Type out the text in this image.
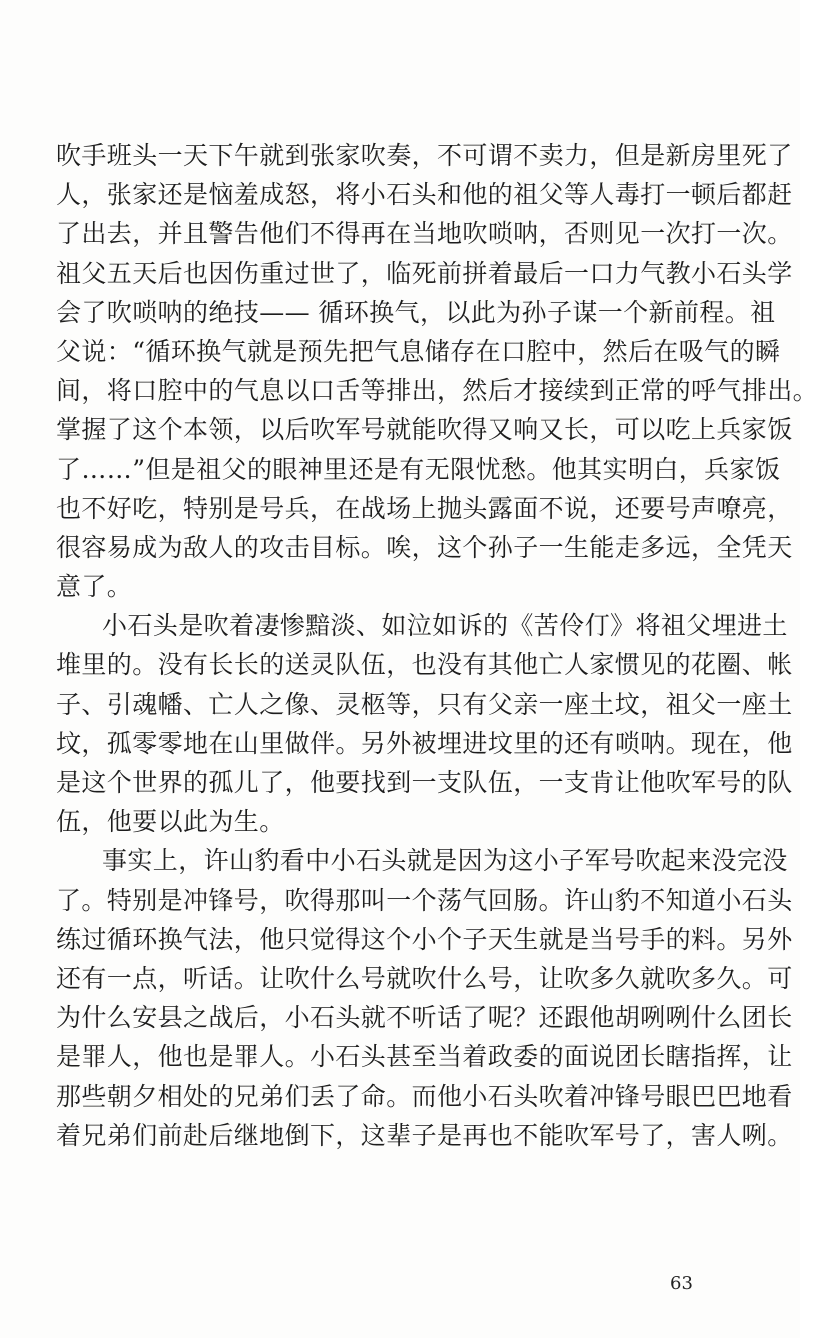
吹手班头一天下午就到张家吹奏，不可谓不卖力，但是新房里死了
人，张家还是恼羞成怒，将小石头和他的祖父等人毒打一顿后都赶
了出去，并且警告他们不得再在当地吹唢呐，否则见一次打一次。
祖父五天后也因伤重过世了，临死前拼着最后一口力气教小石头学
会了吹唢呐的绝技—— 循环换气，以此为孙子谋一个新前程。祖
父说：“循环换气就是预先把气息储存在口腔中，然后在吸气的瞬
间，将口腔中的气息以口舌等排出，然后才接续到正常的呼气排出。
掌握了这个本领，以后吹军号就能吹得又响又长，可以吃上兵家饭
了……”但是祖父的眼神里还是有无限忧愁。他其实明白，兵家饭
也不好吃，特别是号兵，在战场上抛头露面不说，还要号声嘹亮，
很容易成为敌人的攻击目标。唉，这个孙子一生能走多远，全凭天
意了。
小石头是吹着凄惨黯淡、如泣如诉的《苦伶仃》将祖父埋进土
堆里的。没有长长的送灵队伍，也没有其他亡人家惯见的花圈、帐
子、引魂幡、亡人之像、灵柩等，只有父亲一座土坟，祖父一座土
坟，孤零零地在山里做伴。另外被埋进坟里的还有唢呐。现在，他
是这个世界的孤儿了，他要找到一支队伍，一支肯让他吹军号的队
伍，他要以此为生。
事实上，许山豹看中小石头就是因为这小子军号吹起来没完没
了。特别是冲锋号，吹得那叫一个荡气回肠。许山豹不知道小石头
练过循环换气法，他只觉得这个小个子天生就是当号手的料。另外
还有一点，听话。让吹什么号就吹什么号，让吹多久就吹多久。可
为什么安县之战后，小石头就不听话了呢？还跟他胡咧咧什么团长
是罪人，他也是罪人。小石头甚至当着政委的面说团长瞎指挥，让
那些朝夕相处的兄弟们丢了命。而他小石头吹着冲锋号眼巴巴地看
着兄弟们前赴后继地倒下，这辈子是再也不能吹军号了，害人咧。
63
